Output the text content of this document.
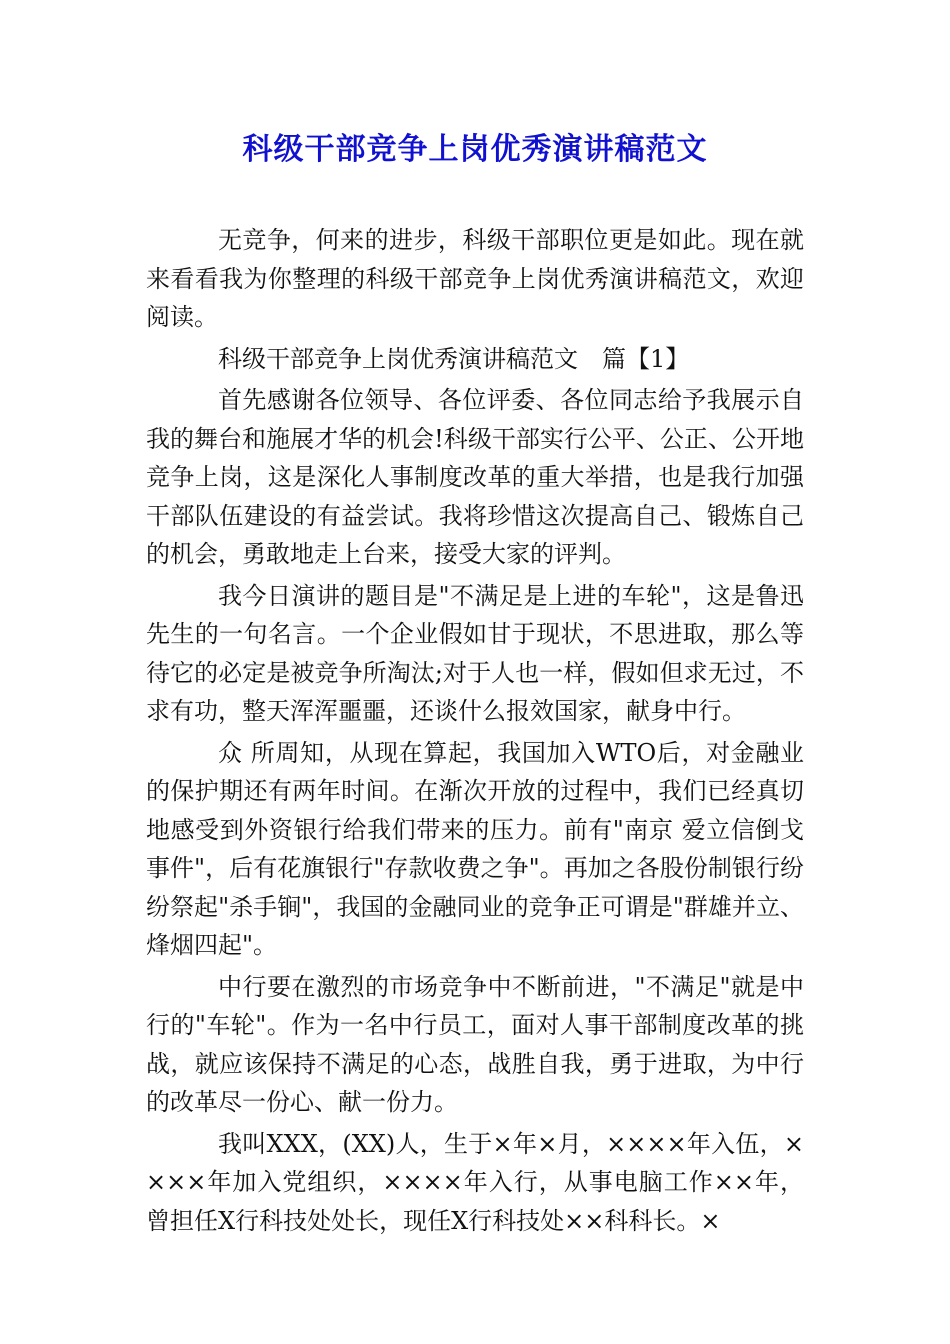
科级干部竞争上岗优秀演讲稿范文

无竞争，何来的进步，科级干部职位更是如此。现在就来看看我为你整理的科级干部竞争上岗优秀演讲稿范文，欢迎阅读。

科级干部竞争上岗优秀演讲稿范文　篇【1】

首先感谢各位领导、各位评委、各位同志给予我展示自我的舞台和施展才华的机会!科级干部实行公平、公正、公开地竞争上岗，这是深化人事制度改革的重大举措，也是我行加强干部队伍建设的有益尝试。我将珍惜这次提高自己、锻炼自己的机会，勇敢地走上台来，接受大家的评判。

我今日演讲的题目是"不满足是上进的车轮"，这是鲁迅先生的一句名言。一个企业假如甘于现状，不思进取，那么等待它的必定是被竞争所淘汰;对于人也一样，假如但求无过，不求有功，整天浑浑噩噩，还谈什么报效国家，献身中行。

众 所周知，从现在算起，我国加入WTO后，对金融业的保护期还有两年时间。在渐次开放的过程中，我们已经真切地感受到外资银行给我们带来的压力。前有"南京 爱立信倒戈事件"，后有花旗银行"存款收费之争"。再加之各股份制银行纷纷祭起"杀手锏"，我国的金融同业的竞争正可谓是"群雄并立、烽烟四起"。

中行要在激烈的市场竞争中不断前进，"不满足"就是中行的"车轮"。作为一名中行员工，面对人事干部制度改革的挑战，就应该保持不满足的心态，战胜自我，勇于进取，为中行的改革尽一份心、献一份力。

我叫XXX，(XX)人，生于×年×月，××××年入伍，××××年加入党组织，××××年入行，从事电脑工作××年，曾担任X行科技处处长，现任X行科技处××科科长。×
